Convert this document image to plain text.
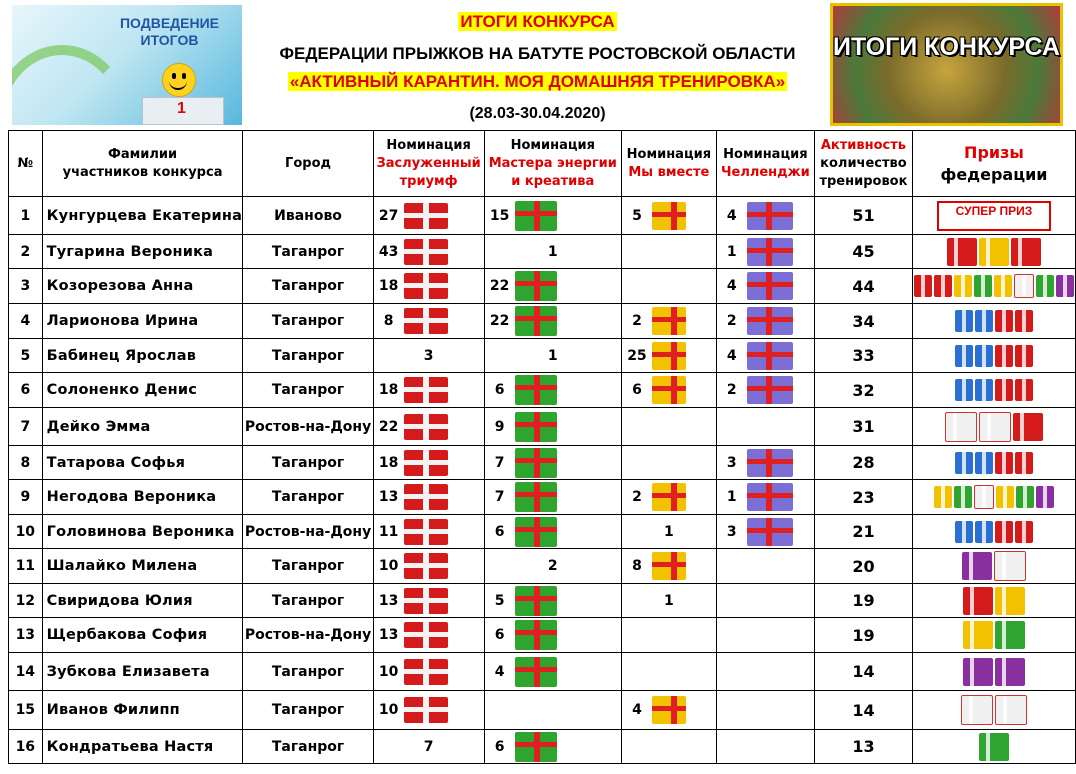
ПОДВЕДЕНИЕ ИТОГОВ
1
ИТОГИ КОНКУРСА
ФЕДЕРАЦИИ ПРЫЖКОВ НА БАТУТЕ РОСТОВСКОЙ ОБЛАСТИ
«АКТИВНЫЙ КАРАНТИН. МОЯ ДОМАШНЯЯ ТРЕНИРОВКА»
(28.03-30.04.2020)
ИТОГИ КОНКУРСА
№	Фамилии
участников конкурса	Город	Номинация
Заслуженный
триумф	Номинация
Мастера энергии
и креатива	Номинация
Мы вместе	Номинация
Челленджи	Активность
количество
тренировок	Призы
федерации
1	Кунгурцева Екатерина	Иваново	27	15	5	4	51	СУПЕР ПРИЗ
2	Тугарина Вероника	Таганрог	43	1		1	45	
3	Козорезова Анна	Таганрог	18	22		4	44	
4	Ларионова Ирина	Таганрог	8	22	2	2	34	
5	Бабинец Ярослав	Таганрог	3	1	25	4	33	
6	Солоненко Денис	Таганрог	18	6	6	2	32	
7	Дейко Эмма	Ростов-на-Дону	22	9			31	
8	Татарова Софья	Таганрог	18	7		3	28	
9	Негодова Вероника	Таганрог	13	7	2	1	23	
10	Головинова Вероника	Ростов-на-Дону	11	6	1	3	21	
11	Шалайко Милена	Таганрог	10	2	8		20	
12	Свиридова Юлия	Таганрог	13	5	1		19	
13	Щербакова София	Ростов-на-Дону	13	6			19	
14	Зубкова Елизавета	Таганрог	10	4			14	
15	Иванов Филипп	Таганрог	10		4		14	
16	Кондратьева Настя	Таганрог	7	6			13	
